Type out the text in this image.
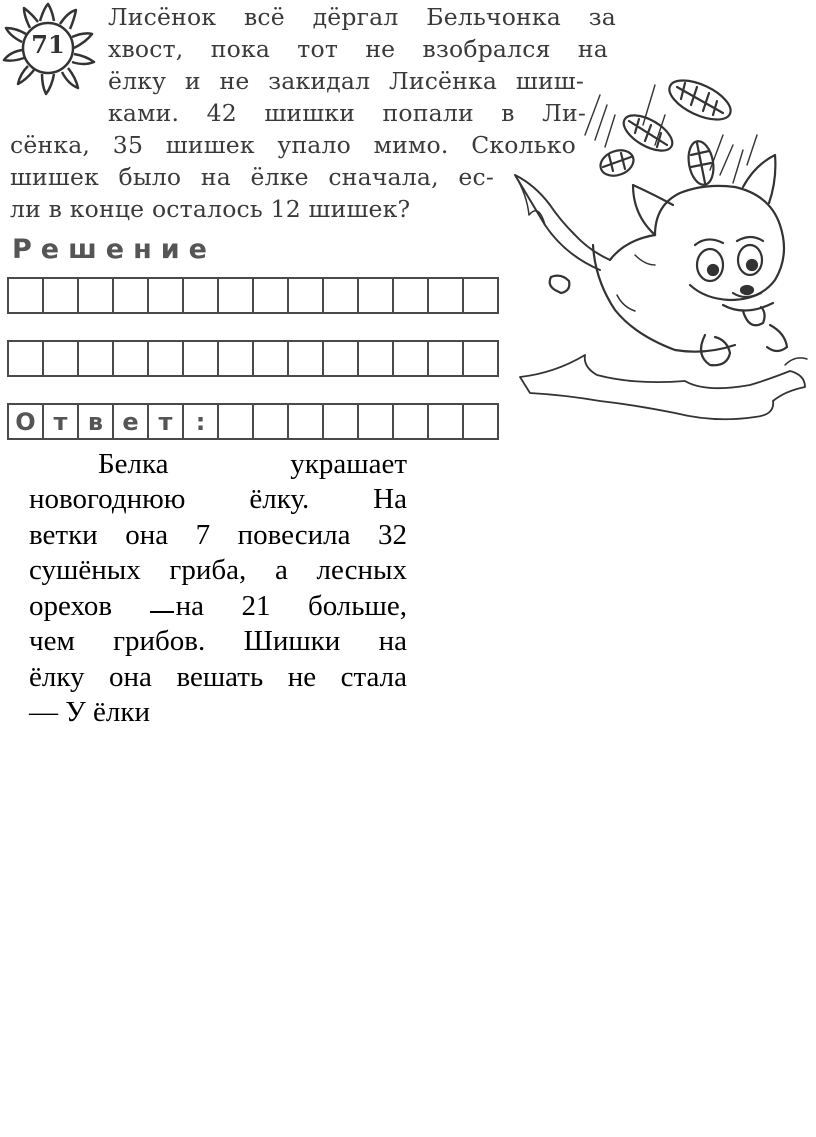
71
Лисёнок всё дёргал Бельчонка за
хвост, пока тот не взобрался на
ёлку и не закидал Лисёнка шиш-
ками. 42 шишки попали в Ли-
сёнка, 35 шишек упало мимо. Сколько
шишек было на ёлке сначала, ес-
ли в конце осталось 12 шишек?
Решение
О т в е т :
Белка	украшает
новогоднюю ёлку. На
ветки она 7 повесила 32
сушёных гриба, а лесных
орехов на 21 больше,
чем грибов. Шишки на
ёлку она вешать не стала
— У ёлки
